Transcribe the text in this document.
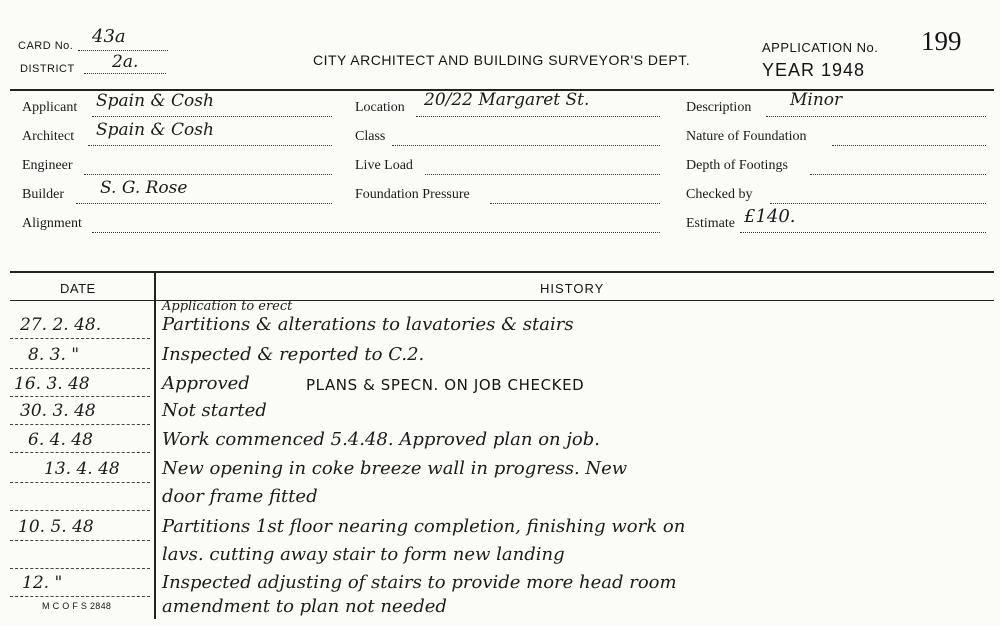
CARD No. 43a
DISTRICT 2a.	CITY ARCHITECT AND BUILDING SURVEYOR'S DEPT.
APPLICATION No. 199
YEAR 1948
Applicant Spain & Cosh
Architect Spain & Cosh
Engineer
Builder S. G. Rose
Alignment
Location 20/22 Margaret St.
Class
Live Load
Foundation Pressure
Description Minor
Nature of Foundation
Depth of Footings
Checked by
Estimate £140.
DATE	HISTORY
Application to erect
27. 2. 48.	Partitions & alterations to lavatories & stairs
8. 3. "	Inspected & reported to C.2.
16. 3. 48	Approved	PLANS & SPECN. ON JOB CHECKED
30. 3. 48	Not started
6. 4. 48	Work commenced 5.4.48. Approved plan on job.
13. 4. 48 New opening in coke breeze wall in progress. New
door frame fitted
10. 5. 48	Partitions 1st floor nearing completion, finishing work on
lavs. cutting away stair to form new landing
12. "	Inspected adjusting of stairs to provide more head room
amendment to plan not needed
M C O F S 2848
